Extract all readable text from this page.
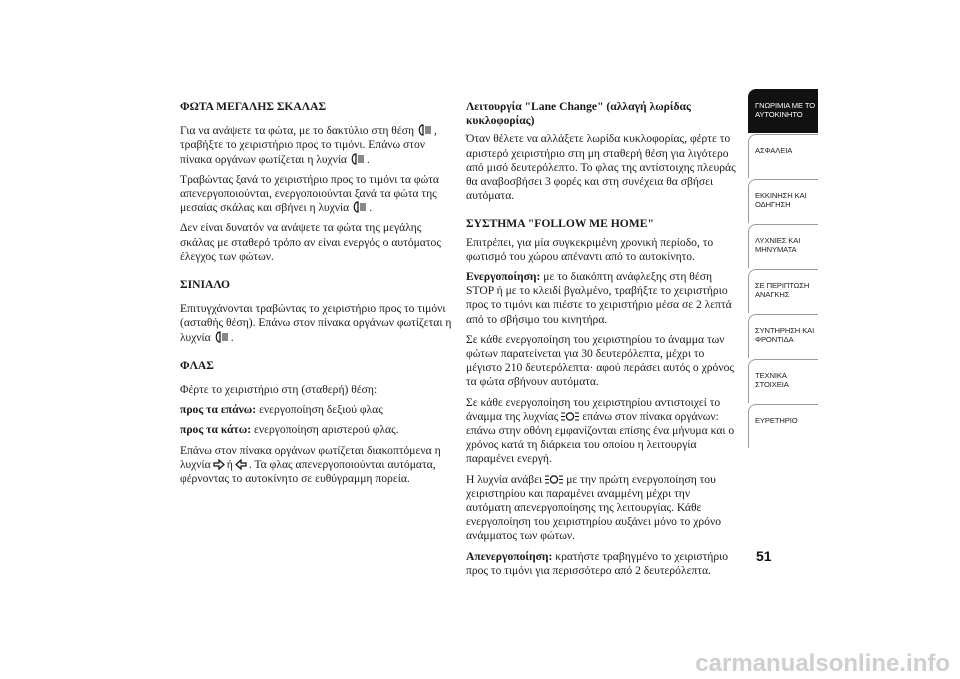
ΦΩΤΑ ΜΕΓΑΛΗΣ ΣΚΑΛΑΣ

Για να ανάψετε τα φώτα, με το δακτύλιο στη θέση , τραβήξτε το χειριστήριο προς το τιμόνι. Επάνω στον πίνακα οργάνων φωτίζεται η λυχνία .

Τραβώντας ξανά το χειριστήριο προς το τιμόνι τα φώτα απενεργοποιούνται, ενεργοποιούνται ξανά τα φώτα της μεσαίας σκάλας και σβήνει η λυχνία .

Δεν είναι δυνατόν να ανάψετε τα φώτα της μεγάλης σκάλας με σταθερό τρόπο αν είναι ενεργός ο αυτόματος έλεγχος των φώτων.

ΣΙΝΙΑΛΟ

Επιτυγχάνονται τραβώντας το χειριστήριο προς το τιμόνι (ασταθής θέση). Επάνω στον πίνακα οργάνων φωτίζεται η λυχνία .

ΦΛΑΣ

Φέρτε το χειριστήριο στη (σταθερή) θέση:

προς τα επάνω: ενεργοποίηση δεξιού φλας

προς τα κάτω: ενεργοποίηση αριστερού φλας.

Επάνω στον πίνακα οργάνων φωτίζεται διακοπτόμενα η λυχνία ή . Τα φλας απενεργοποιούνται αυτόματα, φέρνοντας το αυτοκίνητο σε ευθύγραμμη πορεία.

Λειτουργία "Lane Change" (αλλαγή λωρίδας κυκλοφορίας)

Όταν θέλετε να αλλάξετε λωρίδα κυκλοφορίας, φέρτε το αριστερό χειριστήριο στη μη σταθερή θέση για λιγότερο από μισό δευτερόλεπτο. Το φλας της αντίστοιχης πλευράς θα αναβοσβήσει 3 φορές και στη συνέχεια θα σβήσει αυτόματα.

ΣΥΣΤΗΜΑ "FOLLOW ME HOME"

Επιτρέπει, για μία συγκεκριμένη χρονική περίοδο, το φωτισμό του χώρου απέναντι από το αυτοκίνητο.

Ενεργοποίηση: με το διακόπτη ανάφλεξης στη θέση STOP ή με το κλειδί βγαλμένο, τραβήξτε το χειριστήριο προς το τιμόνι και πιέστε το χειριστήριο μέσα σε 2 λεπτά από το σβήσιμο του κινητήρα.

Σε κάθε ενεργοποίηση του χειριστηρίου το άναμμα των φώτων παρατείνεται για 30 δευτερόλεπτα, μέχρι το μέγιστο 210 δευτερόλεπτα· αφού περάσει αυτός ο χρόνος τα φώτα σβήνουν αυτόματα.

Σε κάθε ενεργοποίηση του χειριστηρίου αντιστοιχεί το άναμμα της λυχνίας επάνω στον πίνακα οργάνων: επάνω στην οθόνη εμφανίζονται επίσης ένα μήνυμα και ο χρόνος κατά τη διάρκεια του οποίου η λειτουργία παραμένει ενεργή.

Η λυχνία ανάβει με την πρώτη ενεργοποίηση του χειριστηρίου και παραμένει αναμμένη μέχρι την αυτόματη απενεργοποίησης της λειτουργίας. Κάθε ενεργοποίηση του χειριστηρίου αυξάνει μόνο το χρόνο ανάμματος των φώτων.

Απενεργοποίηση: κρατήστε τραβηγμένο το χειριστήριο προς το τιμόνι για περισσότερο από 2 δευτερόλεπτα.

ΓΝΩΡΙΜΙΑ ΜΕ ΤΟ
ΑΥΤΟΚΙΝΗΤΟ
ΑΣΦΑΛΕΙΑ
ΕΚΚΙΝΗΣΗ ΚΑΙ
ΟΔΗΓΗΣΗ
ΛΥΧΝΙΕΣ ΚΑΙ
ΜΗΝΥΜΑΤΑ
ΣΕ ΠΕΡΙΠΤΩΣΗ
ΑΝΑΓΚΗΣ
ΣΥΝΤΗΡΗΣΗ ΚΑΙ
ΦΡΟΝΤΙΔΑ
ΤΕΧΝΙΚΑ ΣΤΟΙΧΕΙΑ
ΕΥΡΕΤΗΡΙΟ
51
carmanualsonline.info
